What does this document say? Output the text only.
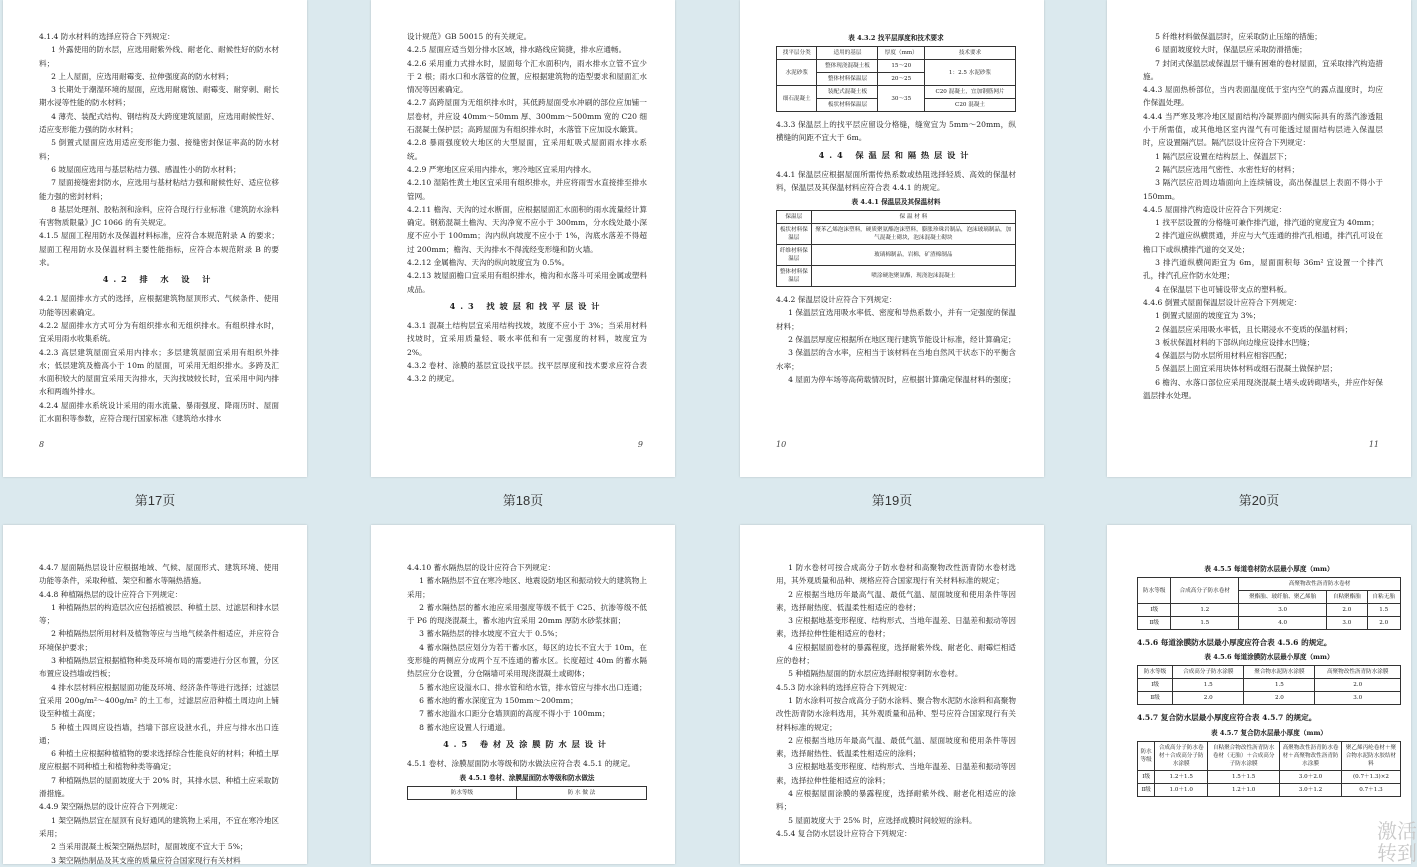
4.1.4 防水材料的选择应符合下列规定：

1 外露使用的防水层，应选用耐紫外线、耐老化、耐候性好的防水材料；

2 上人屋面，应选用耐霉变、拉伸强度高的防水材料；

3 长期处于潮湿环境的屋面，应选用耐腐蚀、耐霉变、耐穿刺、耐长期水浸等性能的防水材料；

4 薄壳、装配式结构、钢结构及大跨度建筑屋面，应选用耐候性好、适应变形能力强的防水材料；

5 倒置式屋面应选用适应变形能力强、接缝密封保证率高的防水材料；

6 坡屋面应选用与基层粘结力强、感温性小的防水材料；

7 屋面接缝密封防水，应选用与基材粘结力强和耐候性好、适应位移能力强的密封材料；

8 基层处理剂、胶粘剂和涂料，应符合现行行业标准《建筑防水涂料有害物质限量》JC 1066 的有关规定。

4.1.5 屋面工程用防水及保温材料标准，应符合本规范附录 A 的要求；屋面工程用防水及保温材料主要性能指标，应符合本规范附录 B 的要求。

4.2 排 水 设 计

4.2.1 屋面排水方式的选择，应根据建筑物屋顶形式、气候条件、使用功能等因素确定。

4.2.2 屋面排水方式可分为有组织排水和无组织排水。有组织排水时，宜采用雨水收集系统。

4.2.3 高层建筑屋面宜采用内排水；多层建筑屋面宜采用有组织外排水；低层建筑及檐高小于 10m 的屋面，可采用无组织排水。多跨及汇水面积较大的屋面宜采用天沟排水，天沟找坡较长时，宜采用中间内排水和两端外排水。

4.2.4 屋面排水系统设计采用的雨水流量、暴雨强度、降雨历时、屋面汇水面积等参数，应符合现行国家标准《建筑给水排水

8

设计规范》GB 50015 的有关规定。

4.2.5 屋面应适当划分排水区域，排水路线应简捷，排水应通畅。

4.2.6 采用重力式排水时，屋面每个汇水面积内，雨水排水立管不宜少于 2 根；雨水口和水落管的位置，应根据建筑物的造型要求和屋面汇水情况等因素确定。

4.2.7 高跨屋面为无组织排水时，其低跨屋面受水冲刷的部位应加铺一层卷材，并应设 40mm～50mm 厚、300mm～500mm 宽的 C20 细石混凝土保护层；高跨屋面为有组织排水时，水落管下应加设水簸箕。

4.2.8 暴雨强度较大地区的大型屋面，宜采用虹吸式屋面雨水排水系统。

4.2.9 严寒地区应采用内排水，寒冷地区宜采用内排水。

4.2.10 湿陷性黄土地区宜采用有组织排水，并应将雨雪水直接排至排水管网。

4.2.11 檐沟、天沟的过水断面，应根据屋面汇水面积的雨水流量经计算确定。钢筋混凝土檐沟、天沟净宽不应小于 300mm，分水线处最小深度不应小于 100mm；沟内纵向坡度不应小于 1%，沟底水落差不得超过 200mm；檐沟、天沟排水不得流经变形缝和防火墙。

4.2.12 金属檐沟、天沟的纵向坡度宜为 0.5%。

4.2.13 坡屋面檐口宜采用有组织排水，檐沟和水落斗可采用金属或塑料成品。

4.3 找坡层和找平层设计

4.3.1 混凝土结构层宜采用结构找坡，坡度不应小于 3%；当采用材料找坡时，宜采用质量轻、吸水率低和有一定强度的材料，坡度宜为 2%。

4.3.2 卷材、涂膜的基层宜设找平层。找平层厚度和技术要求应符合表 4.3.2 的规定。

9
表 4.3.2 找平层厚度和技术要求
找平层分类	适用的基层	厚度（mm）	技术要求
水泥砂浆	整体现浇混凝土板	15～20	1：2.5 水泥砂浆
	整体材料保温层	20～25	
细石混凝土	装配式混凝土板	30～35	C20 混凝土，宜加钢筋网片
	板状材料保温层		C20 混凝土

4.3.3 保温层上的找平层应留设分格缝，缝宽宜为 5mm～20mm，纵横缝的间距不宜大于 6m。

4.4 保温层和隔热层设计

4.4.1 保温层应根据屋面所需传热系数或热阻选择轻质、高效的保温材料，保温层及其保温材料应符合表 4.4.1 的规定。

表 4.4.1 保温层及其保温材料
保温层	保 温 材 料
板状材料保温层	聚苯乙烯泡沫塑料，硬质聚氨酯泡沫塑料，膨胀珍珠岩制品，泡沫玻璃制品，加气混凝土砌块，泡沫混凝土砌块
纤维材料保温层	玻璃棉制品，岩棉，矿渣棉制品
整体材料保温层	喷涂硬泡聚氨酯，现浇泡沫混凝土

4.4.2 保温层设计应符合下列规定：

1 保温层宜选用吸水率低、密度和导热系数小，并有一定强度的保温材料；

2 保温层厚度应根据所在地区现行建筑节能设计标准，经计算确定；

3 保温层的含水率，应相当于该材料在当地自然风干状态下的平衡含水率；

4 屋面为停车场等高荷载情况时，应根据计算确定保温材料的强度；

10

5 纤维材料做保温层时，应采取防止压缩的措施；

6 屋面坡度较大时，保温层应采取防滑措施；

7 封闭式保温层或保温层干燥有困难的卷材屋面，宜采取排汽构造措施。

4.4.3 屋面热桥部位，当内表面温度低于室内空气的露点温度时，均应作保温处理。

4.4.4 当严寒及寒冷地区屋面结构冷凝界面内侧实际具有的蒸汽渗透阻小于所需值，或其他地区室内湿气有可能透过屋面结构层进入保温层时，应设置隔汽层。隔汽层设计应符合下列规定：

1 隔汽层应设置在结构层上、保温层下；

2 隔汽层应选用气密性、水密性好的材料；

3 隔汽层应沿周边墙面向上连续铺设，高出保温层上表面不得小于 150mm。

4.4.5 屋面排汽构造设计应符合下列规定：

1 找平层设置的分格缝可兼作排汽道，排汽道的宽度宜为 40mm；

2 排汽道应纵横贯通，并应与大气连通的排汽孔相通，排汽孔可设在檐口下或纵横排汽道的交叉处；

3 排汽道纵横间距宜为 6m，屋面面积每 36m² 宜设置一个排汽孔，排汽孔应作防水处理；

4 在保温层下也可铺设带支点的塑料板。

4.4.6 倒置式屋面保温层设计应符合下列规定：

1 倒置式屋面的坡度宜为 3%；

2 保温层应采用吸水率低，且长期浸水不变质的保温材料；

3 板状保温材料的下部纵向边缘应设排水凹缝；

4 保温层与防水层所用材料应相容匹配；

5 保温层上面宜采用块体材料或细石混凝土做保护层；

6 檐沟、水落口部位应采用现浇混凝土堵头或砖砌堵头，并应作好保温层排水处理。

11
第17页	第18页	第19页	第20页

4.4.7 屋面隔热层设计应根据地域、气候、屋面形式、建筑环境、使用功能等条件，采取种植、架空和蓄水等隔热措施。

4.4.8 种植隔热层的设计应符合下列规定：

1 种植隔热层的构造层次应包括植被层、种植土层、过滤层和排水层等；

2 种植隔热层所用材料及植物等应与当地气候条件相适应，并应符合环境保护要求；

3 种植隔热层宜根据植物种类及环境布局的需要进行分区布置，分区布置应设挡墙或挡板；

4 排水层材料应根据屋面功能及环境、经济条件等进行选择；过滤层宜采用 200g/m²～400g/m² 的土工布，过滤层应沿种植土周边向上铺设至种植土高度；

5 种植土四周应设挡墙，挡墙下部应设泄水孔，并应与排水出口连通；

6 种植土应根据种植植物的要求选择综合性能良好的材料；种植土厚度应根据不同种植土和植物种类等确定；

7 种植隔热层的屋面坡度大于 20% 时，其排水层、种植土应采取防滑措施。

4.4.9 架空隔热层的设计应符合下列规定：

1 架空隔热层宜在屋顶有良好通风的建筑物上采用，不宜在寒冷地区采用；

2 当采用混凝土板架空隔热层时，屋面坡度不宜大于 5%；

3 架空隔热制品及其支座的质量应符合国家现行有关材料

4.4.10 蓄水隔热层的设计应符合下列规定：

1 蓄水隔热层不宜在寒冷地区、地震设防地区和振动较大的建筑物上采用；

2 蓄水隔热层的蓄水池应采用强度等级不低于 C25、抗渗等级不低于 P6 的现浇混凝土，蓄水池内宜采用 20mm 厚防水砂浆抹面；

3 蓄水隔热层的排水坡度不宜大于 0.5%；

4 蓄水隔热层应划分为若干蓄水区，每区的边长不宜大于 10m，在变形缝的两侧应分成两个互不连通的蓄水区。长度超过 40m 的蓄水隔热层应分仓设置，分仓隔墙可采用现浇混凝土或砌体；

5 蓄水池应设溢水口、排水管和给水管，排水管应与排水出口连通；

6 蓄水池的蓄水深度宜为 150mm～200mm；

7 蓄水池溢水口距分仓墙顶面的高度不得小于 100mm；

8 蓄水池应设置人行通道。

4.5 卷材及涂膜防水层设计

4.5.1 卷材、涂膜屋面防水等级和防水做法应符合表 4.5.1 的规定。

表 4.5.1 卷材、涂膜屋面防水等级和防水做法
防水等级	防 水 做 法

1 防水卷材可按合成高分子防水卷材和高聚物改性沥青防水卷材选用，其外观质量和品种、规格应符合国家现行有关材料标准的规定；

2 应根据当地历年最高气温、最低气温、屋面坡度和使用条件等因素，选择耐热度、低温柔性相适应的卷材；

3 应根据地基变形程度、结构形式、当地年温差、日温差和振动等因素，选择拉伸性能相适应的卷材；

4 应根据屋面卷材的暴露程度，选择耐紫外线、耐老化、耐霉烂相适应的卷材；

5 种植隔热屋面的防水层应选择耐根穿刺防水卷材。

4.5.3 防水涂料的选择应符合下列规定：

1 防水涂料可按合成高分子防水涂料、聚合物水泥防水涂料和高聚物改性沥青防水涂料选用，其外观质量和品种、型号应符合国家现行有关材料标准的规定；

2 应根据当地历年最高气温、最低气温、屋面坡度和使用条件等因素，选择耐热性、低温柔性相适应的涂料；

3 应根据地基变形程度、结构形式、当地年温差、日温差和振动等因素，选择拉伸性能相适应的涂料；

4 应根据屋面涂膜的暴露程度，选择耐紫外线、耐老化相适应的涂料；

5 屋面坡度大于 25% 时，应选择成膜时间较短的涂料。

4.5.4 复合防水层设计应符合下列规定：

表 4.5.5 每道卷材防水层最小厚度（mm）
防水等级	合成高分子防水卷材	高聚物改性沥青防水卷材		
		聚酯胎、玻纤胎、聚乙烯胎	自粘聚酯胎	自粘无胎
Ⅰ级	1.2	3.0	2.0	1.5
Ⅱ级	1.5	4.0	3.0	2.0

4.5.6 每道涂膜防水层最小厚度应符合表 4.5.6 的规定。

表 4.5.6 每道涂膜防水层最小厚度（mm）
防水等级	合成高分子防水涂膜	聚合物水泥防水涂膜	高聚物改性沥青防水涂膜
Ⅰ级	1.5	1.5	2.0
Ⅱ级	2.0	2.0	3.0

4.5.7 复合防水层最小厚度应符合表 4.5.7 的规定。

表 4.5.7 复合防水层最小厚度（mm）
防水等级	合成高分子防水卷材＋合成高分子防水涂膜	自粘聚合物改性沥青防水卷材（无胎）＋合成高分子防水涂膜	高聚物改性沥青防水卷材＋高聚物改性沥青防水涂膜	聚乙烯丙纶卷材＋聚合物水泥防水胶结材料
Ⅰ级	1.2＋1.5	1.5＋1.5	3.0＋2.0	(0.7＋1.3)×2
Ⅱ级	1.0＋1.0	1.2＋1.0	3.0＋1.2	0.7＋1.3
激活
转到
